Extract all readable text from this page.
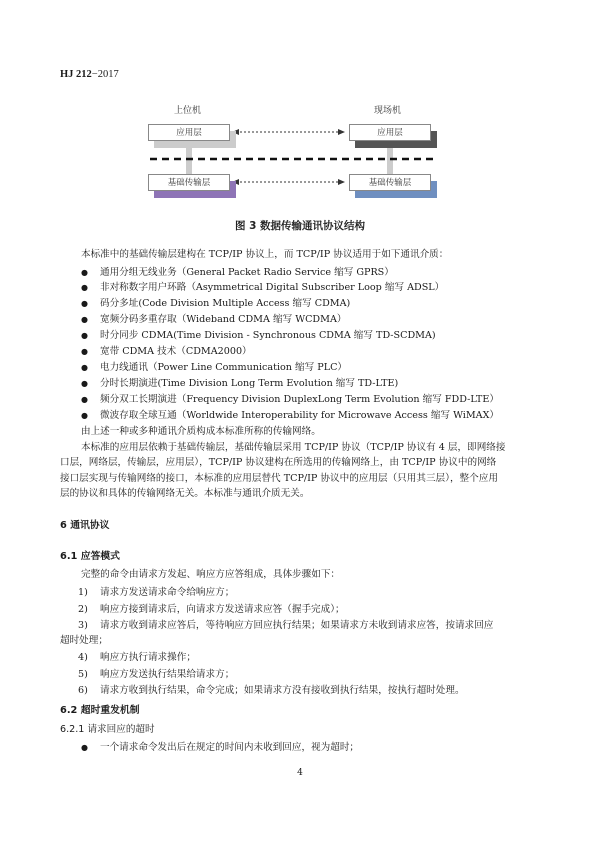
HJ 212−2017
上位机	现场机
应用层	应用层
基础传输层	基础传输层
图 3 数据传输通讯协议结构
本标准中的基础传输层建构在 TCP/IP 协议上，而 TCP/IP 协议适用于如下通讯介质：
● 通用分组无线业务（General Packet Radio Service 缩写 GPRS）
● 非对称数字用户环路（Asymmetrical Digital Subscriber Loop 缩写 ADSL）
● 码分多址(Code Division Multiple Access 缩写 CDMA)
● 宽频分码多重存取（Wideband CDMA 缩写 WCDMA）
● 时分同步 CDMA(Time Division - Synchronous CDMA 缩写 TD-SCDMA)
● 宽带 CDMA 技术（CDMA2000）
● 电力线通讯（Power Line Communication 缩写 PLC）
● 分时长期演进(Time Division Long Term Evolution 缩写 TD-LTE)
● 频分双工长期演进（Frequency Division DuplexLong Term Evolution 缩写 FDD-LTE）
● 微波存取全球互通（Worldwide Interoperability for Microwave Access 缩写 WiMAX）
由上述一种或多种通讯介质构成本标准所称的传输网络。
本标准的应用层依赖于基础传输层，基础传输层采用 TCP/IP 协议（TCP/IP 协议有 4 层，即网络接
口层，网络层，传输层，应用层），TCP/IP 协议建构在所选用的传输网络上，由 TCP/IP 协议中的网络
接口层实现与传输网络的接口，本标准的应用层替代 TCP/IP 协议中的应用层（只用其三层），整个应用
层的协议和具体的传输网络无关。本标准与通讯介质无关。
6 通讯协议
6.1 应答模式
完整的命令由请求方发起、响应方应答组成，具体步骤如下：
1)	请求方发送请求命令给响应方；
2)	响应方接到请求后，向请求方发送请求应答（握手完成）；
3)	请求方收到请求应答后，等待响应方回应执行结果；如果请求方未收到请求应答，按请求回应
超时处理；
4)	响应方执行请求操作；
5)	响应方发送执行结果给请求方；
6)	请求方收到执行结果，命令完成；如果请求方没有接收到执行结果，按执行超时处理。
6.2 超时重发机制
6.2.1 请求回应的超时
● 一个请求命令发出后在规定的时间内未收到回应，视为超时；
4
